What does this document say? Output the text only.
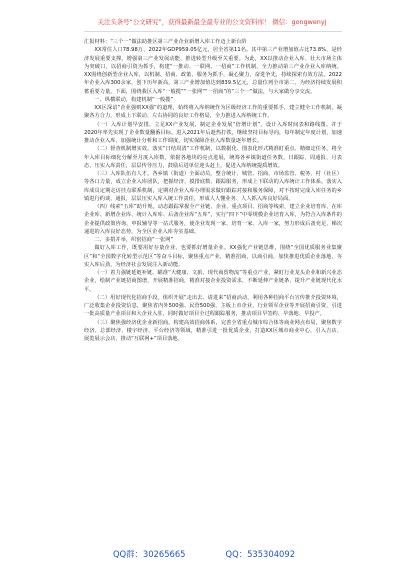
关注头条号“公文研究”，获得最新最全最专业的公文资料库！ 微信：gongwenyj

汇报材料：“三个一”做法助推区第三产业企业新增入库工作迈上新台阶

XX常住人口78.98万，2022年GDP959.05亿元，居全省第11名。其中第三产业增加值占比73.8%，是经济发展重要支撑。增强第三产业发展动能、推进转型升级至关重要。为此，XX以推动企业入库、壮大市场主体为突破口，以招商引资为抓手，构建“一推动、一联网、一招商”工作机制，全力推动第三产业企业入库纳统。XX围绕创新型企业入库，以机制、招商、政策、服务为抓手，凝心聚力、奋进争先，持续探索有效方法，2022年企业入库300余家，创下历年新高，第三产业增加值达到839.5亿元，总量位列全市第二，为经济持续发展积蓄重要力量。下面，围绕我区入库“一般揽”“一张网”“一招商”的“三个一”做法，与大家做分享交流。

一、纵横联动，构建机制“一般揽”

XX区深谙“企业强则XX强”的道理，始终将入库纳统作为区级经济工作的重要抓手，建立健全工作机制，凝聚各方合力，形成上下联动、左右协同的良好工作格局，全力推进入库纳统工作。

（一）入库计划早安排。立足XX产业发展，制定企业发展“倍增计划”，设计入库时间表和路线图。并于2020年率先实现了企业数量翻番目标。进入2021年后趁热打铁，继续坚持目标导向，每年制定年度计划，加速推动企业入库，加强统计分析和工作调度，切实保障企业入库数量逐年增长。

（二）督查机制增实效。落实“日结周清”工作机制，以数据化、图表化形式精准盯重点、精细定任务。将全年入库目标细化分解至月度入库数，依据各地块的亮点进展，统筹各乡镇街道任务数。日跟踪、周通报、月表态，压实入库责任，层层传导压力，鼓励后进单位迎头赶上，促进入库纳统提质增效。

（三）入库队伍有人才。各乡镇（街道）全面动员，整合统计、城管、招商、市场监管、税务、村（社区）等各口力量，成立企业入库团队，把握经济、摸排底数、跟踪服务，形成上下联动的入库统计工作体系。落实入库成员定期走访挂点联系机制，定期对企业入库办理需求做好跟踪对接和服务保障，对不按时完成入库任务的乡镇进行约谈、通报，层层压实入库入统工作责任，形成人人懂业务、人人抓入库良好局面。

（四）线索“五库”助升规。动态跟踪掌握全产业链、企业、重点项目、招商等线索，建立企业培育库、在库企业库、新增企业库、统计入库库、后备企业库“五库”，实行“四下”中零规模企业培育入库，为符合入库条件的企业提供政策咨询、申报辅导等一站式服务，使企业发现一家、培育一家、入库一家，努力形成后备充足、梯次递进的入库良好态势，为全区企业入库夯实基础。

二、多措并举，织密招商“一张网”

做好入库工作，既要用好存量企业，也要抓好增量企业。XX强化产业链思维，围绕“全国优质服务业集聚区”和“全国数字化转型示范区”等奋斗目标，聚焦重点产业，精准招商，以商引商，加快推进优质企业落地，夯实入库后劲，为经济社会发展注入新动能。

（一）着力强链延链补链。瞄准“大健康、文旅、现代商贸物流”等重点产业，紧盯行业龙头企业和新兴业态企业，绘制产业链招商图谱，开展精准招商，精准对接企业投资需求，不断延伸产业链条，提升产业链现代化水平。

（二）用好现代化招商手段。组织开展“走出去、请进来”招商活动，利用各种招商平台宣传推介投资环境，广泛收集企业投资信息，聚焦省内外500强、民营500强、主板上市企业、行业领军企业等开展招商引资，引进一批高质量产业项目和大企业入驻，同时做好项目全过程跟踪服务，推动项目早签约、早落地、早投产。

（三）聚焦强经济优企业新招商。构建高效招商体系，完善全省重点城市综合体等商业网点布局，聚焦数字经济、总部经济、楼宇经济、平台经济等领域，精准引进一批优质企业，打造XX区城市商业中心，引入吉店、展览展示会店，推动“互联网+”项目落地。

QQ群：30265665	QQ：535304092
